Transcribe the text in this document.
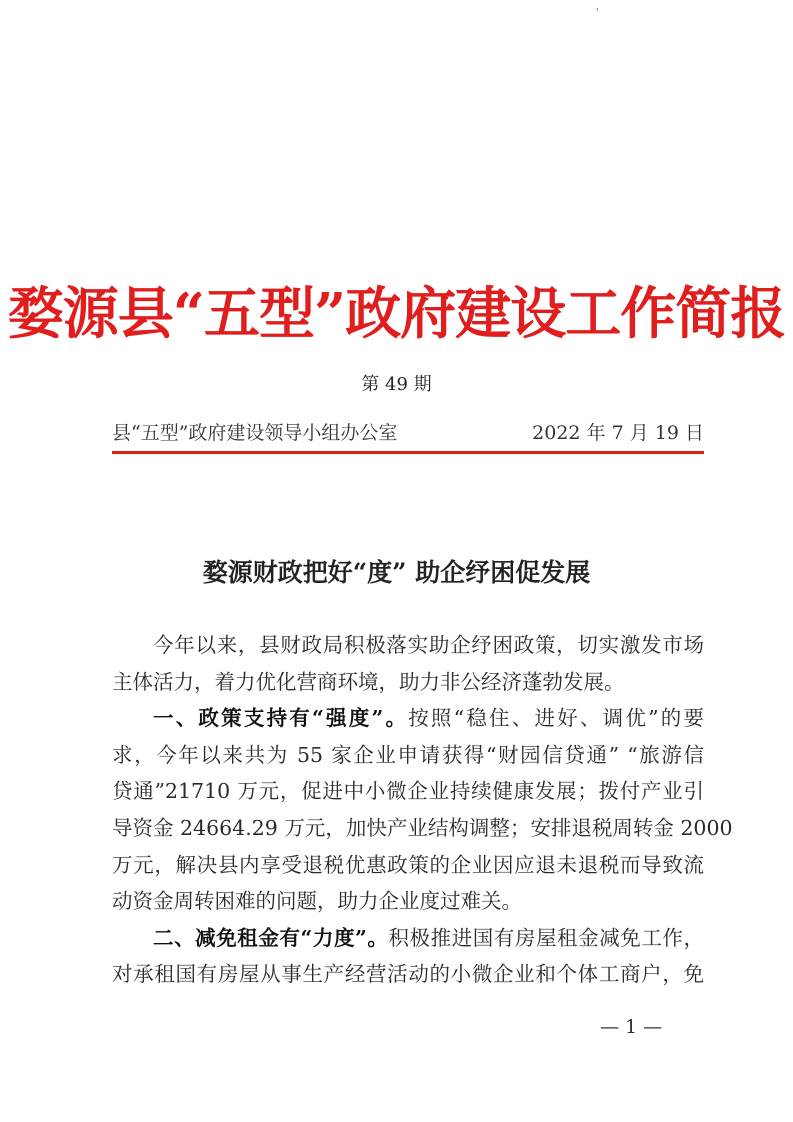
'
婺源县“五型”政府建设工作简报
第 49 期
县“五型”政府建设领导小组办公室	2022 年 7 月 19 日
婺源财政把好“度” 助企纾困促发展
今年以来，县财政局积极落实助企纾困政策，切实激发市场
主体活力，着力优化营商环境，助力非公经济蓬勃发展。
一、政策支持有“强度”。按照“稳住、进好、调优”的要
求，今年以来共为 55 家企业申请获得“财园信贷通” “旅游信
贷通”21710 万元，促进中小微企业持续健康发展；拨付产业引
导资金 24664.29 万元，加快产业结构调整；安排退税周转金 2000
万元，解决县内享受退税优惠政策的企业因应退未退税而导致流
动资金周转困难的问题，助力企业度过难关。
二、减免租金有“力度”。积极推进国有房屋租金减免工作，
对承租国有房屋从事生产经营活动的小微企业和个体工商户，免
— 1 —
